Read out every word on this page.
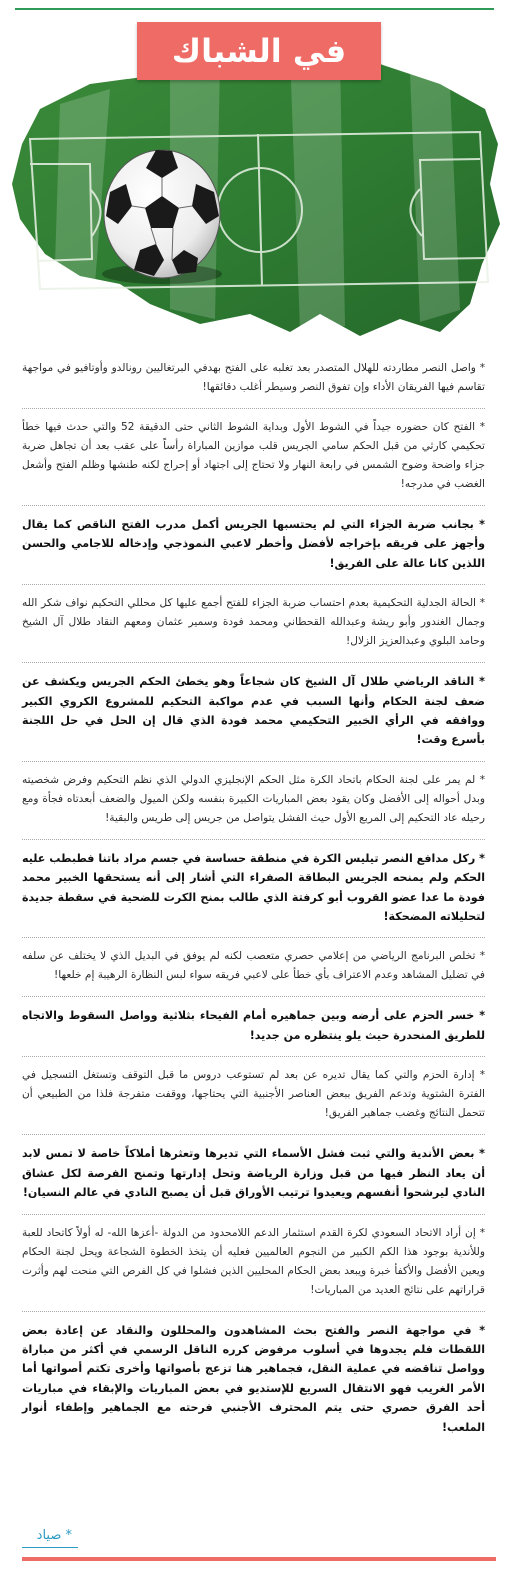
في الشباك

* واصل النصر مطاردته للهلال المتصدر بعد تغلبه على الفتح بهدفي البرتغاليين رونالدو وأوتافيو في مواجهة تقاسم فيها الفريقان الأداء وإن تفوق النصر وسيطر أغلب دقائقها!

* الفتح كان حضوره جيداً في الشوط الأول وبداية الشوط الثاني حتى الدقيقة 52 والتي حدث فيها خطأ تحكيمي كارثي من قبل الحكم سامي الجريس قلب موازين المباراة رأساً على عقب بعد أن تجاهل ضربة جزاء واضحة وضوح الشمس في رابعة النهار ولا تحتاج إلى اجتهاد أو إحراج لكنه طنشها وظلم الفتح وأشعل الغضب في مدرجه!

* بجانب ضربة الجزاء التي لم يحتسبها الجريس أكمل مدرب الفتح الناقص كما يقال وأجهز على فريقه بإخراجه لأفضل وأخطر لاعبي النموذجي وإدخاله للاجامي والحسن اللذين كانا عالة على الفريق!

* الحالة الجدلية التحكيمية بعدم احتساب ضربة الجزاء للفتح أجمع عليها كل محللي التحكيم نواف شكر الله وجمال الغندور وأبو ريشة وعبدالله القحطاني ومحمد فودة وسمير عثمان ومعهم النقاد طلال آل الشيخ وحامد البلوي وعبدالعزيز الزلال!

* الناقد الرياضي طلال آل الشيخ كان شجاعاً وهو يخطئ الحكم الجريس ويكشف عن ضعف لجنة الحكام وأنها السبب في عدم مواكبة التحكيم للمشروع الكروي الكبير ووافقه في الرأي الخبير التحكيمي محمد فودة الذي قال إن الحل في حل اللجنة بأسرع وقت!

* لم يمر على لجنة الحكام باتحاد الكرة مثل الحكم الإنجليزي الدولي الذي نظم التحكيم وفرض شخصيته وبدل أحواله إلى الأفضل وكان يقود بعض المباريات الكبيرة بنفسه ولكن الميول والضعف أبعدتاه فجأة ومع رحيله عاد التحكيم إلى المربع الأول حيث الفشل يتواصل من جريس إلى طريس والبقية!

* ركل مدافع النصر تيليس الكرة في منطقة حساسة في جسم مراد باتنا فطبطب عليه الحكم ولم يمنحه الجريس البطاقة الصفراء التي أشار إلى أنه يستحقها الخبير محمد فودة ما عدا عضو القروب أبو كرفتة الذي طالب بمنح الكرت للضحية في سقطة جديدة لتحليلاته المضحكة!

* تخلص البرنامج الرياضي من إعلامي حصري متعصب لكنه لم يوفق في البديل الذي لا يختلف عن سلفه في تضليل المشاهد وعدم الاعتراف بأي خطأ على لاعبي فريقه سواء لبس النظارة الرهيبة إم خلعها!

* خسر الحزم على أرضه وبين جماهيره أمام الفيحاء بثلاثية وواصل السقوط والاتجاه للطريق المنحدرة حيث يلو ينتظره من جديد!

* إدارة الحزم والتي كما يقال تديره عن بعد لم تستوعب دروس ما قبل التوقف وتستغل التسجيل في الفترة الشتوية وتدعم الفريق ببعض العناصر الأجنبية التي يحتاجها، ووقفت متفرجة فلذا من الطبيعي أن تتحمل النتائج وغضب جماهير الفريق!

* بعض الأندية والتي ثبت فشل الأسماء التي تديرها وتعثرها أملاكاً خاصة لا تمس لابد أن يعاد النظر فيها من قبل وزارة الرياضة وتحل إدارتها وتمنح الفرصة لكل عشاق النادي ليرشحوا أنفسهم ويعيدوا ترتيب الأوراق قبل أن يصبح النادي في عالم النسيان!

* إن أراد الاتحاد السعودي لكرة القدم استثمار الدعم اللامحدود من الدولة -أعزها الله- له أولاً كاتحاد للعبة وللأندية بوجود هذا الكم الكبير من النجوم العالميين فعليه أن يتخذ الخطوة الشجاعة ويحل لجنة الحكام ويعين الأفضل والأكفأ خبرة ويبعد بعض الحكام المحليين الذين فشلوا في كل الفرص التي منحت لهم وأثرت قراراتهم على نتائج العديد من المباريات!

* في مواجهة النصر والفتح بحث المشاهدون والمحللون والنقاد عن إعادة بعض اللقطات فلم يجدوها في أسلوب مرفوض كرره الناقل الرسمي في أكثر من مباراة وواصل تناقضه في عملية النقل، فجماهير هنا تزعج بأصواتها وأخرى تكتم أصواتها أما الأمر الغريب فهو الانتقال السريع للإستديو في بعض المباريات والإبقاء في مباريات أحد الفرق حصري حتى يتم المحترف الأجنبي فرحته مع الجماهير وإطفاء أنوار الملعب!

* صياد
